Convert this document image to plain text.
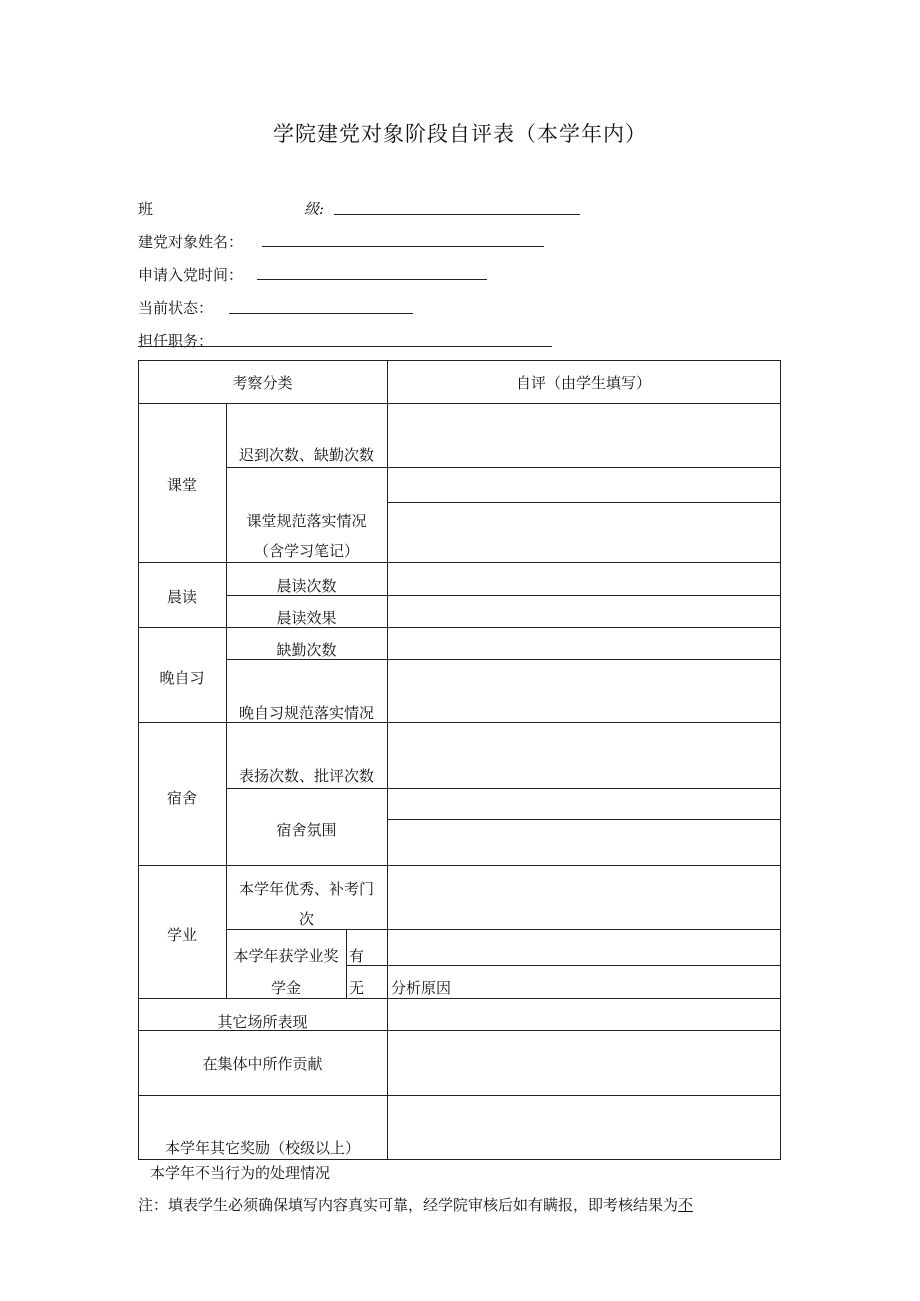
学院建党对象阶段自评表（本学年内）
班	级:
建党对象姓名：
申请入党时间：
当前状态：
担任职务：
考察分类	自评（由学生填写）
课堂
迟到次数、缺勤次数
课堂规范落实情况
（含学习笔记）
晨读
晨读次数
晨读效果
晚自习
缺勤次数
晚自习规范落实情况
宿舍
表扬次数、批评次数
宿舍氛围
学业
本学年优秀、补考门
次
本学年获学业奖
学金
有
无 分析原因
其它场所表现
在集体中所作贡献
本学年其它奖励（校级以上）
本学年不当行为的处理情况
注：填表学生必须确保填写内容真实可靠，经学院审核后如有瞒报，即考核结果为不
